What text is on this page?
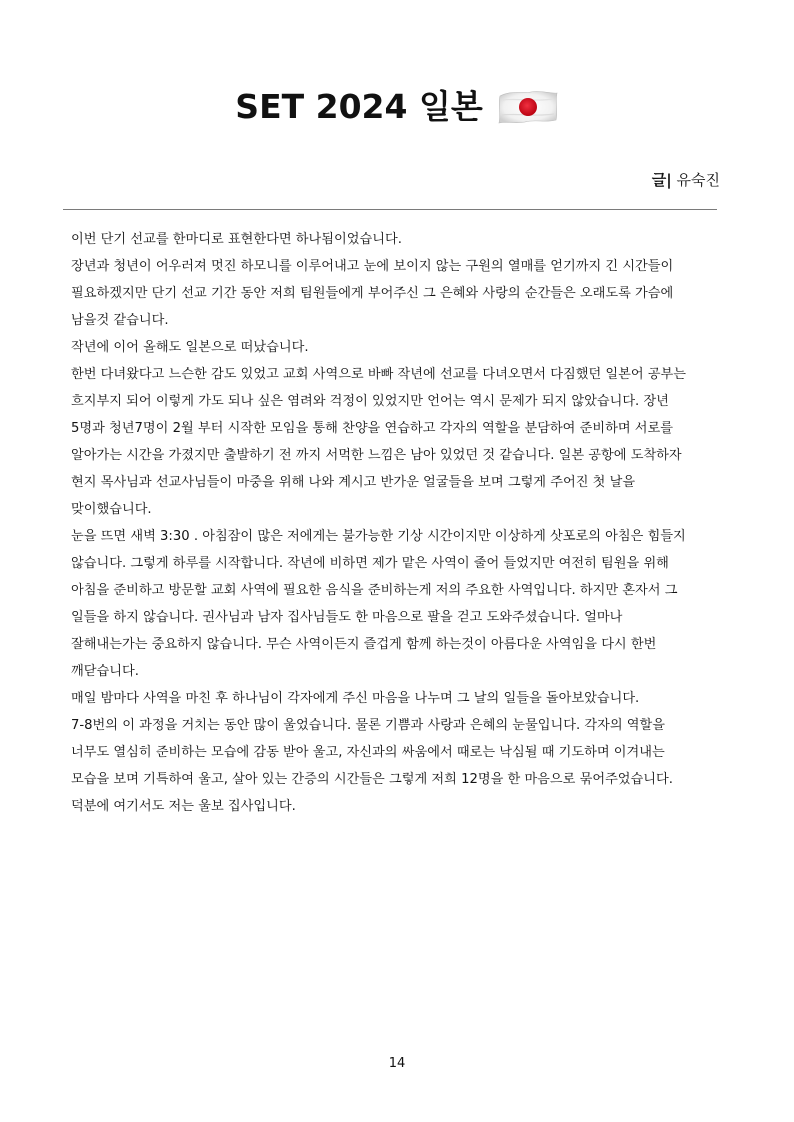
SET 2024 일본
글| 유숙진
이번 단기 선교를 한마디로 표현한다면 하나됨이었습니다.
장년과 청년이 어우러져 멋진 하모니를 이루어내고 눈에 보이지 않는 구원의 열매를 얻기까지 긴 시간들이
필요하겠지만 단기 선교 기간 동안 저희 팀원들에게 부어주신 그 은혜와 사랑의 순간들은 오래도록 가슴에
남을것 같습니다.
작년에 이어 올해도 일본으로 떠났습니다.
한번 다녀왔다고 느슨한 감도 있었고 교회 사역으로 바빠 작년에 선교를 다녀오면서 다짐했던 일본어 공부는
흐지부지 되어 이렇게 가도 되나 싶은 염려와 걱정이 있었지만 언어는 역시 문제가 되지 않았습니다. 장년
5명과 청년7명이 2월 부터 시작한 모임을 통해 찬양을 연습하고 각자의 역할을 분담하여 준비하며 서로를
알아가는 시간을 가졌지만 출발하기 전 까지 서먹한 느낌은 남아 있었던 것 같습니다. 일본 공항에 도착하자
현지 목사님과 선교사님들이 마중을 위해 나와 계시고 반가운 얼굴들을 보며 그렇게 주어진 첫 날을
맞이했습니다.
눈을 뜨면 새벽 3:30 . 아침잠이 많은 저에게는 불가능한 기상 시간이지만 이상하게 삿포로의 아침은 힘들지
않습니다. 그렇게 하루를 시작합니다. 작년에 비하면 제가 맡은 사역이 줄어 들었지만 여전히 팀원을 위해
아침을 준비하고 방문할 교회 사역에 필요한 음식을 준비하는게 저의 주요한 사역입니다. 하지만 혼자서 그
일들을 하지 않습니다. 권사님과 남자 집사님들도 한 마음으로 팔을 걷고 도와주셨습니다. 얼마나
잘해내는가는 중요하지 않습니다. 무슨 사역이든지 즐겁게 함께 하는것이 아름다운 사역임을 다시 한번
깨닫습니다.
매일 밤마다 사역을 마친 후 하나님이 각자에게 주신 마음을 나누며 그 날의 일들을 돌아보았습니다.
7-8번의 이 과정을 거치는 동안 많이 울었습니다. 물론 기쁨과 사랑과 은혜의 눈물입니다. 각자의 역할을
너무도 열심히 준비하는 모습에 감동 받아 울고, 자신과의 싸움에서 때로는 낙심될 때 기도하며 이겨내는
모습을 보며 기특하여 울고, 살아 있는 간증의 시간들은 그렇게 저희 12명을 한 마음으로 묶어주었습니다.
덕분에 여기서도 저는 울보 집사입니다.
14
